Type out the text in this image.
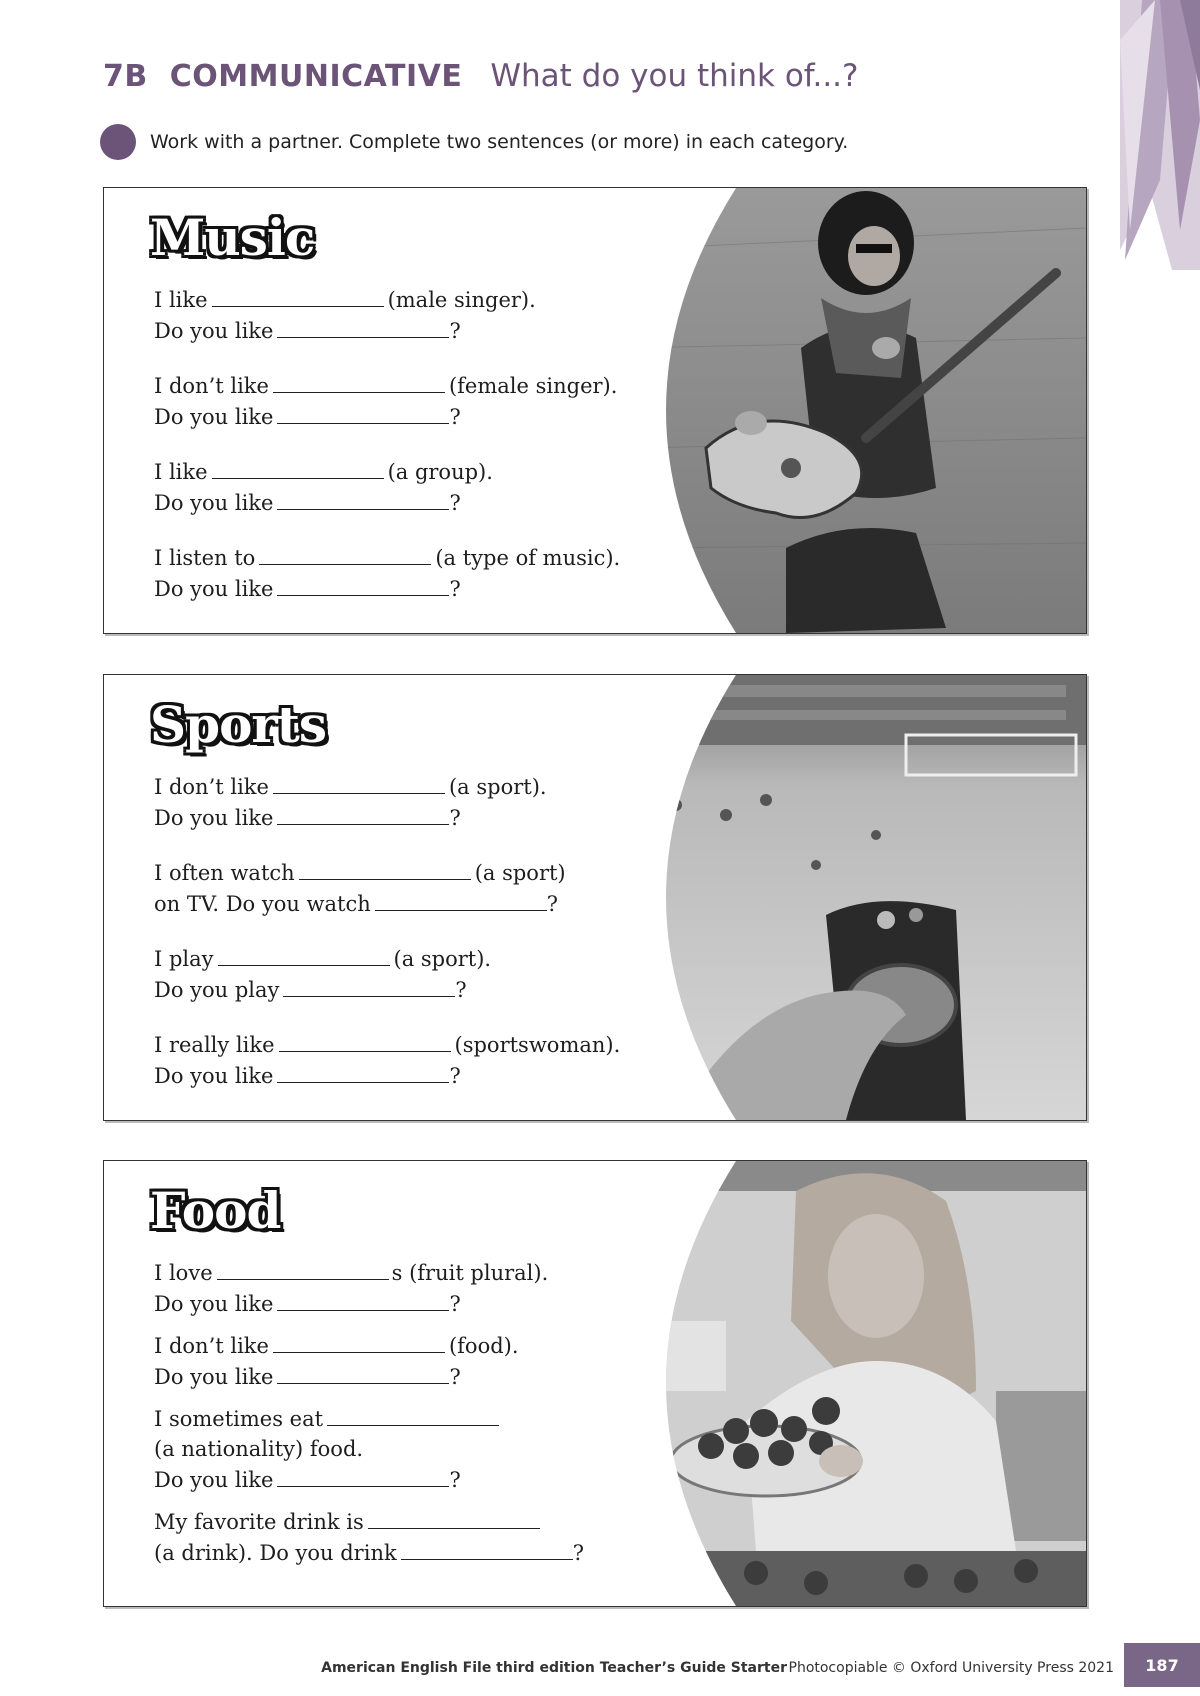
7B COMMUNICATIVE What do you think of...?
Work with a partner. Complete two sentences (or more) in each category.
Music
I like	(male singer).
Do you like	?
I don’t like	(female singer).
Do you like	?
I like	(a group).
Do you like	?
I listen to	(a type of music).
Do you like	?
Sports
I don’t like	(a sport).
Do you like	?
I often watch	(a sport)
on TV. Do you watch	?
I play	(a sport).
Do you play	?
I really like	(sportswoman).
Do you like	?
Food
I love	s (fruit plural).
Do you like	?
I don’t like	(food).
Do you like	?
I sometimes eat
(a nationality) food.
Do you like	?
My favorite drink is
(a drink). Do you drink	?
American English File third edition Teacher’s Guide Starter Photocopiable © Oxford University Press 2021 187
